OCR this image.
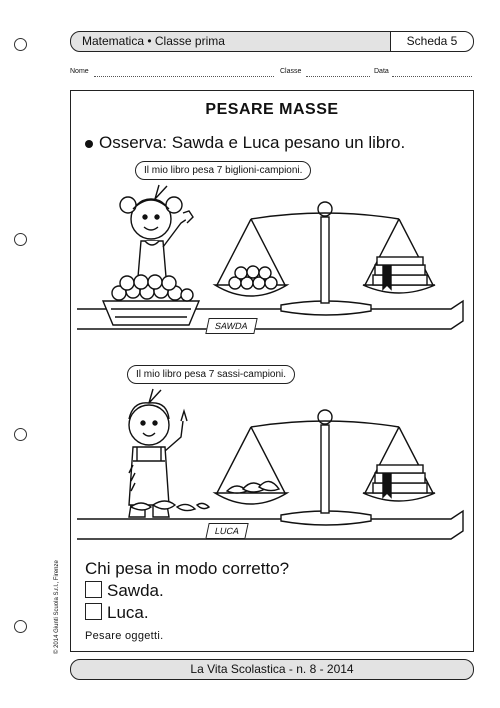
Matematica • Classe prima	Scheda 5
Nome	Classe	Data
PESARE MASSE
Osserva: Sawda e Luca pesano un libro.
Il mio libro pesa 7 biglioni-campioni.
SAWDA
Il mio libro pesa 7 sassi-campioni.
LUCA
Chi pesa in modo corretto?
Sawda.
Luca.
Pesare oggetti.
© 2014 Giunti Scuola S.r.l., Firenze
La Vita Scolastica - n. 8 - 2014
